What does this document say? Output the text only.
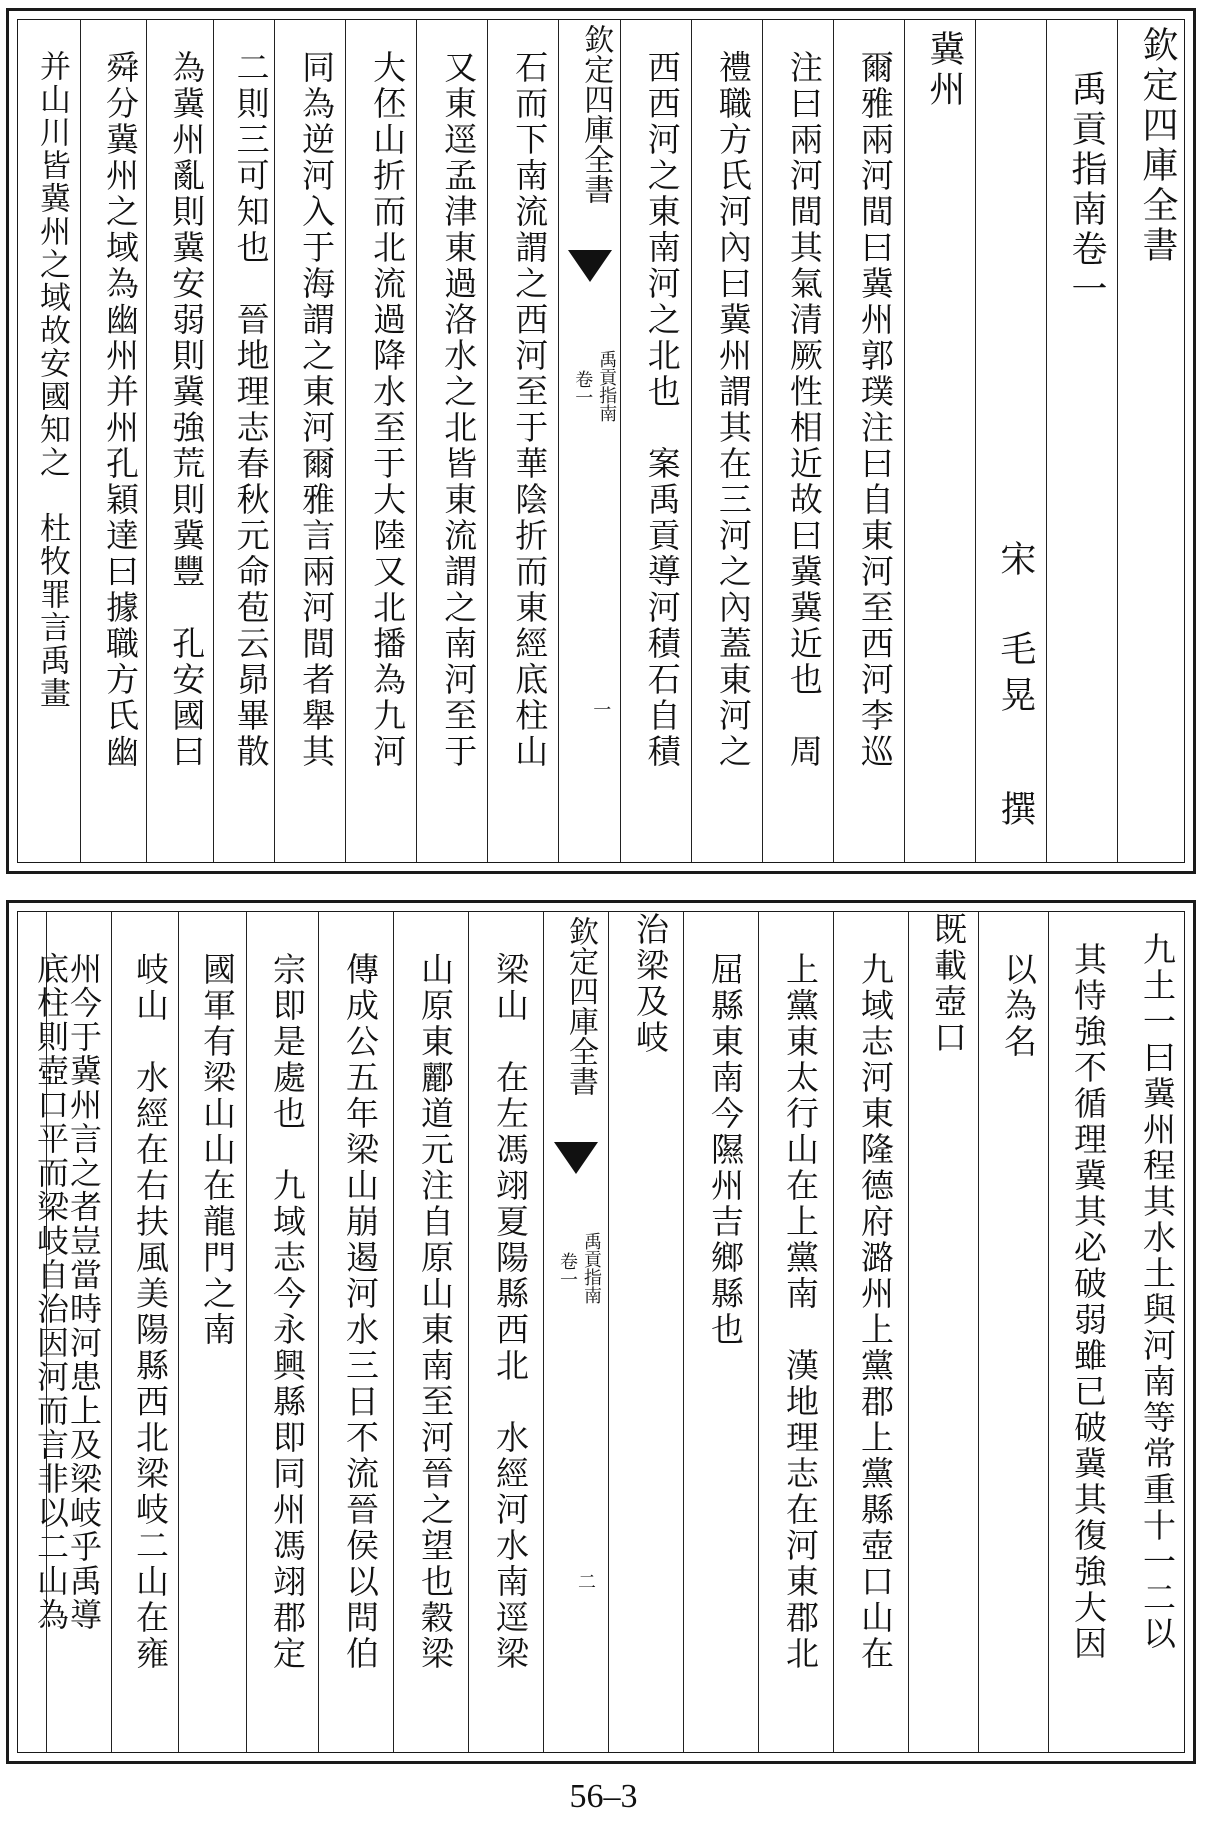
并山川皆冀州之域故安國知之　杜牧罪言禹畫	欽定四庫全書
禹貢指南卷一
宋
毛晃
撰
冀州
爾雅兩河間曰冀州郭璞注曰自東河至西河李巡
注曰兩河間其氣清厥性相近故曰冀冀近也　周
禮職方氏河內曰冀州謂其在三河之內蓋東河之
西西河之東南河之北也　案禹貢導河積石自積
欽定四庫全書
禹貢指南
卷一
一
石而下南流謂之西河至于華陰折而東經底柱山
又東逕孟津東過洛水之北皆東流謂之南河至于
大伾山折而北流過降水至于大陸又北播為九河
同為逆河入于海謂之東河爾雅言兩河間者舉其
二則三可知也　晉地理志春秋元命苞云昴畢散
為冀州亂則冀安弱則冀強荒則冀豐　孔安國曰
舜分冀州之域為幽州并州孔穎達曰據職方氏幽
九土一曰冀州程其水土與河南等常重十一二以
其恃強不循理冀其必破弱雖已破冀其復強大因
以為名
既載壺口
九域志河東隆德府潞州上黨郡上黨縣壺口山在
上黨東太行山在上黨南　漢地理志在河東郡北
屈縣東南今隰州吉鄉縣也
治梁及岐
欽定四庫全書
禹貢指南
卷一
二
梁山　在左馮翊夏陽縣西北　水經河水南逕梁
山原東酈道元注自原山東南至河晉之望也穀梁
傳成公五年梁山崩遏河水三日不流晉侯以問伯
宗即是處也　九域志今永興縣即同州馮翊郡定
國軍有梁山山在龍門之南
岐山　水經在右扶風美陽縣西北梁岐二山在雍
州今于冀州言之者豈當時河患上及梁岐乎禹導
底柱則壺口平而梁岐自治因河而言非以二山為
56–3
